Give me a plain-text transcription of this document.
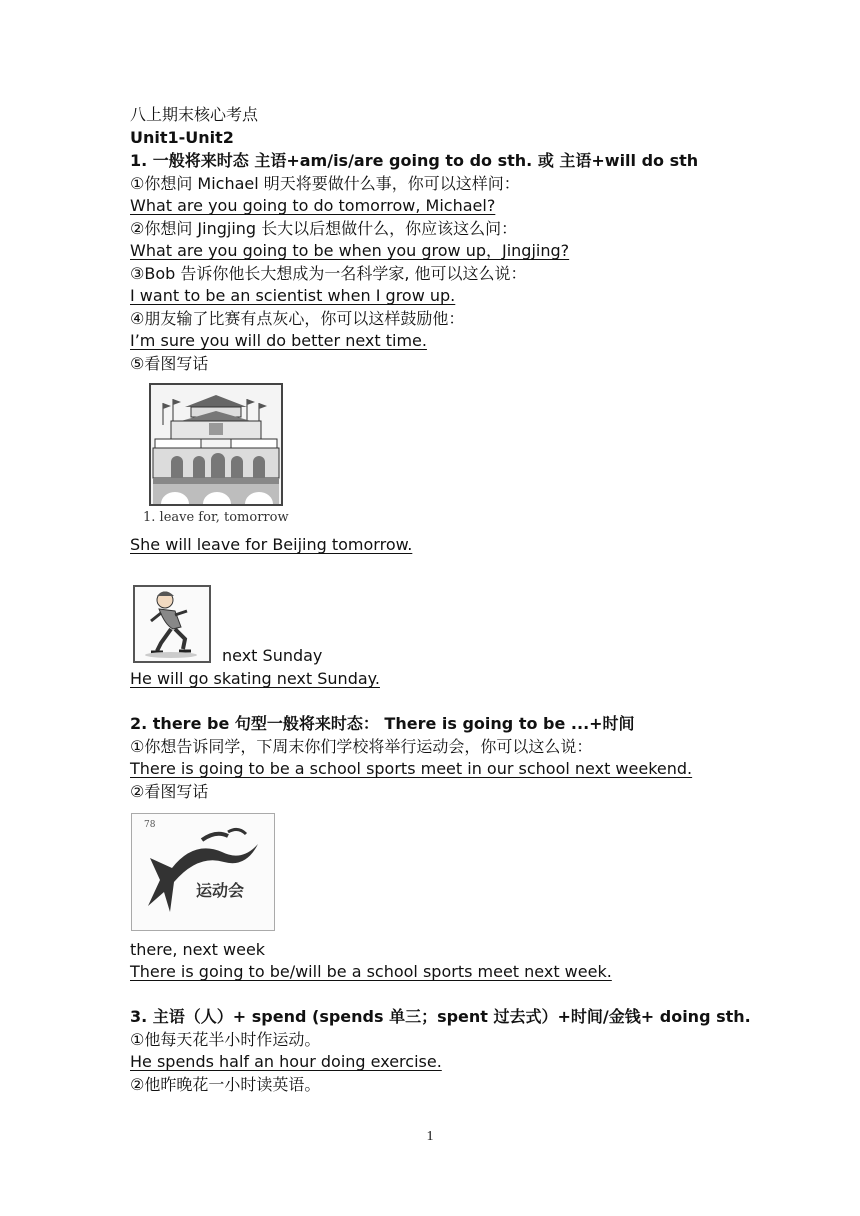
八上期末核心考点
Unit1-Unit2
1. 一般将来时态 主语+am/is/are going to do sth. 或 主语+will do sth
①你想问 Michael 明天将要做什么事，你可以这样问：
What are you going to do tomorrow, Michael?
②你想问 Jingjing 长大以后想做什么，你应该这么问：
What are you going to be when you grow up，Jingjing?
③Bob 告诉你他长大想成为一名科学家, 他可以这么说：
I want to be an scientist when I grow up.
④朋友输了比赛有点灰心，你可以这样鼓励他：
I’m sure you will do better next time.
⑤看图写话
1. leave for, tomorrow
She will leave for Beijing tomorrow.
next Sunday
He will go skating next Sunday.
2. there be 句型一般将来时态： There is going to be ...+时间
①你想告诉同学，下周末你们学校将举行运动会，你可以这么说：
There is going to be a school sports meet in our school next weekend.
②看图写话
78
运动会
there, next week
There is going to be/will be a school sports meet next week.
3. 主语（人）+ spend (spends 单三；spent 过去式）+时间/金钱+ doing sth.
①他每天花半小时作运动。
He spends half an hour doing exercise.
②他昨晚花一小时读英语。
1
